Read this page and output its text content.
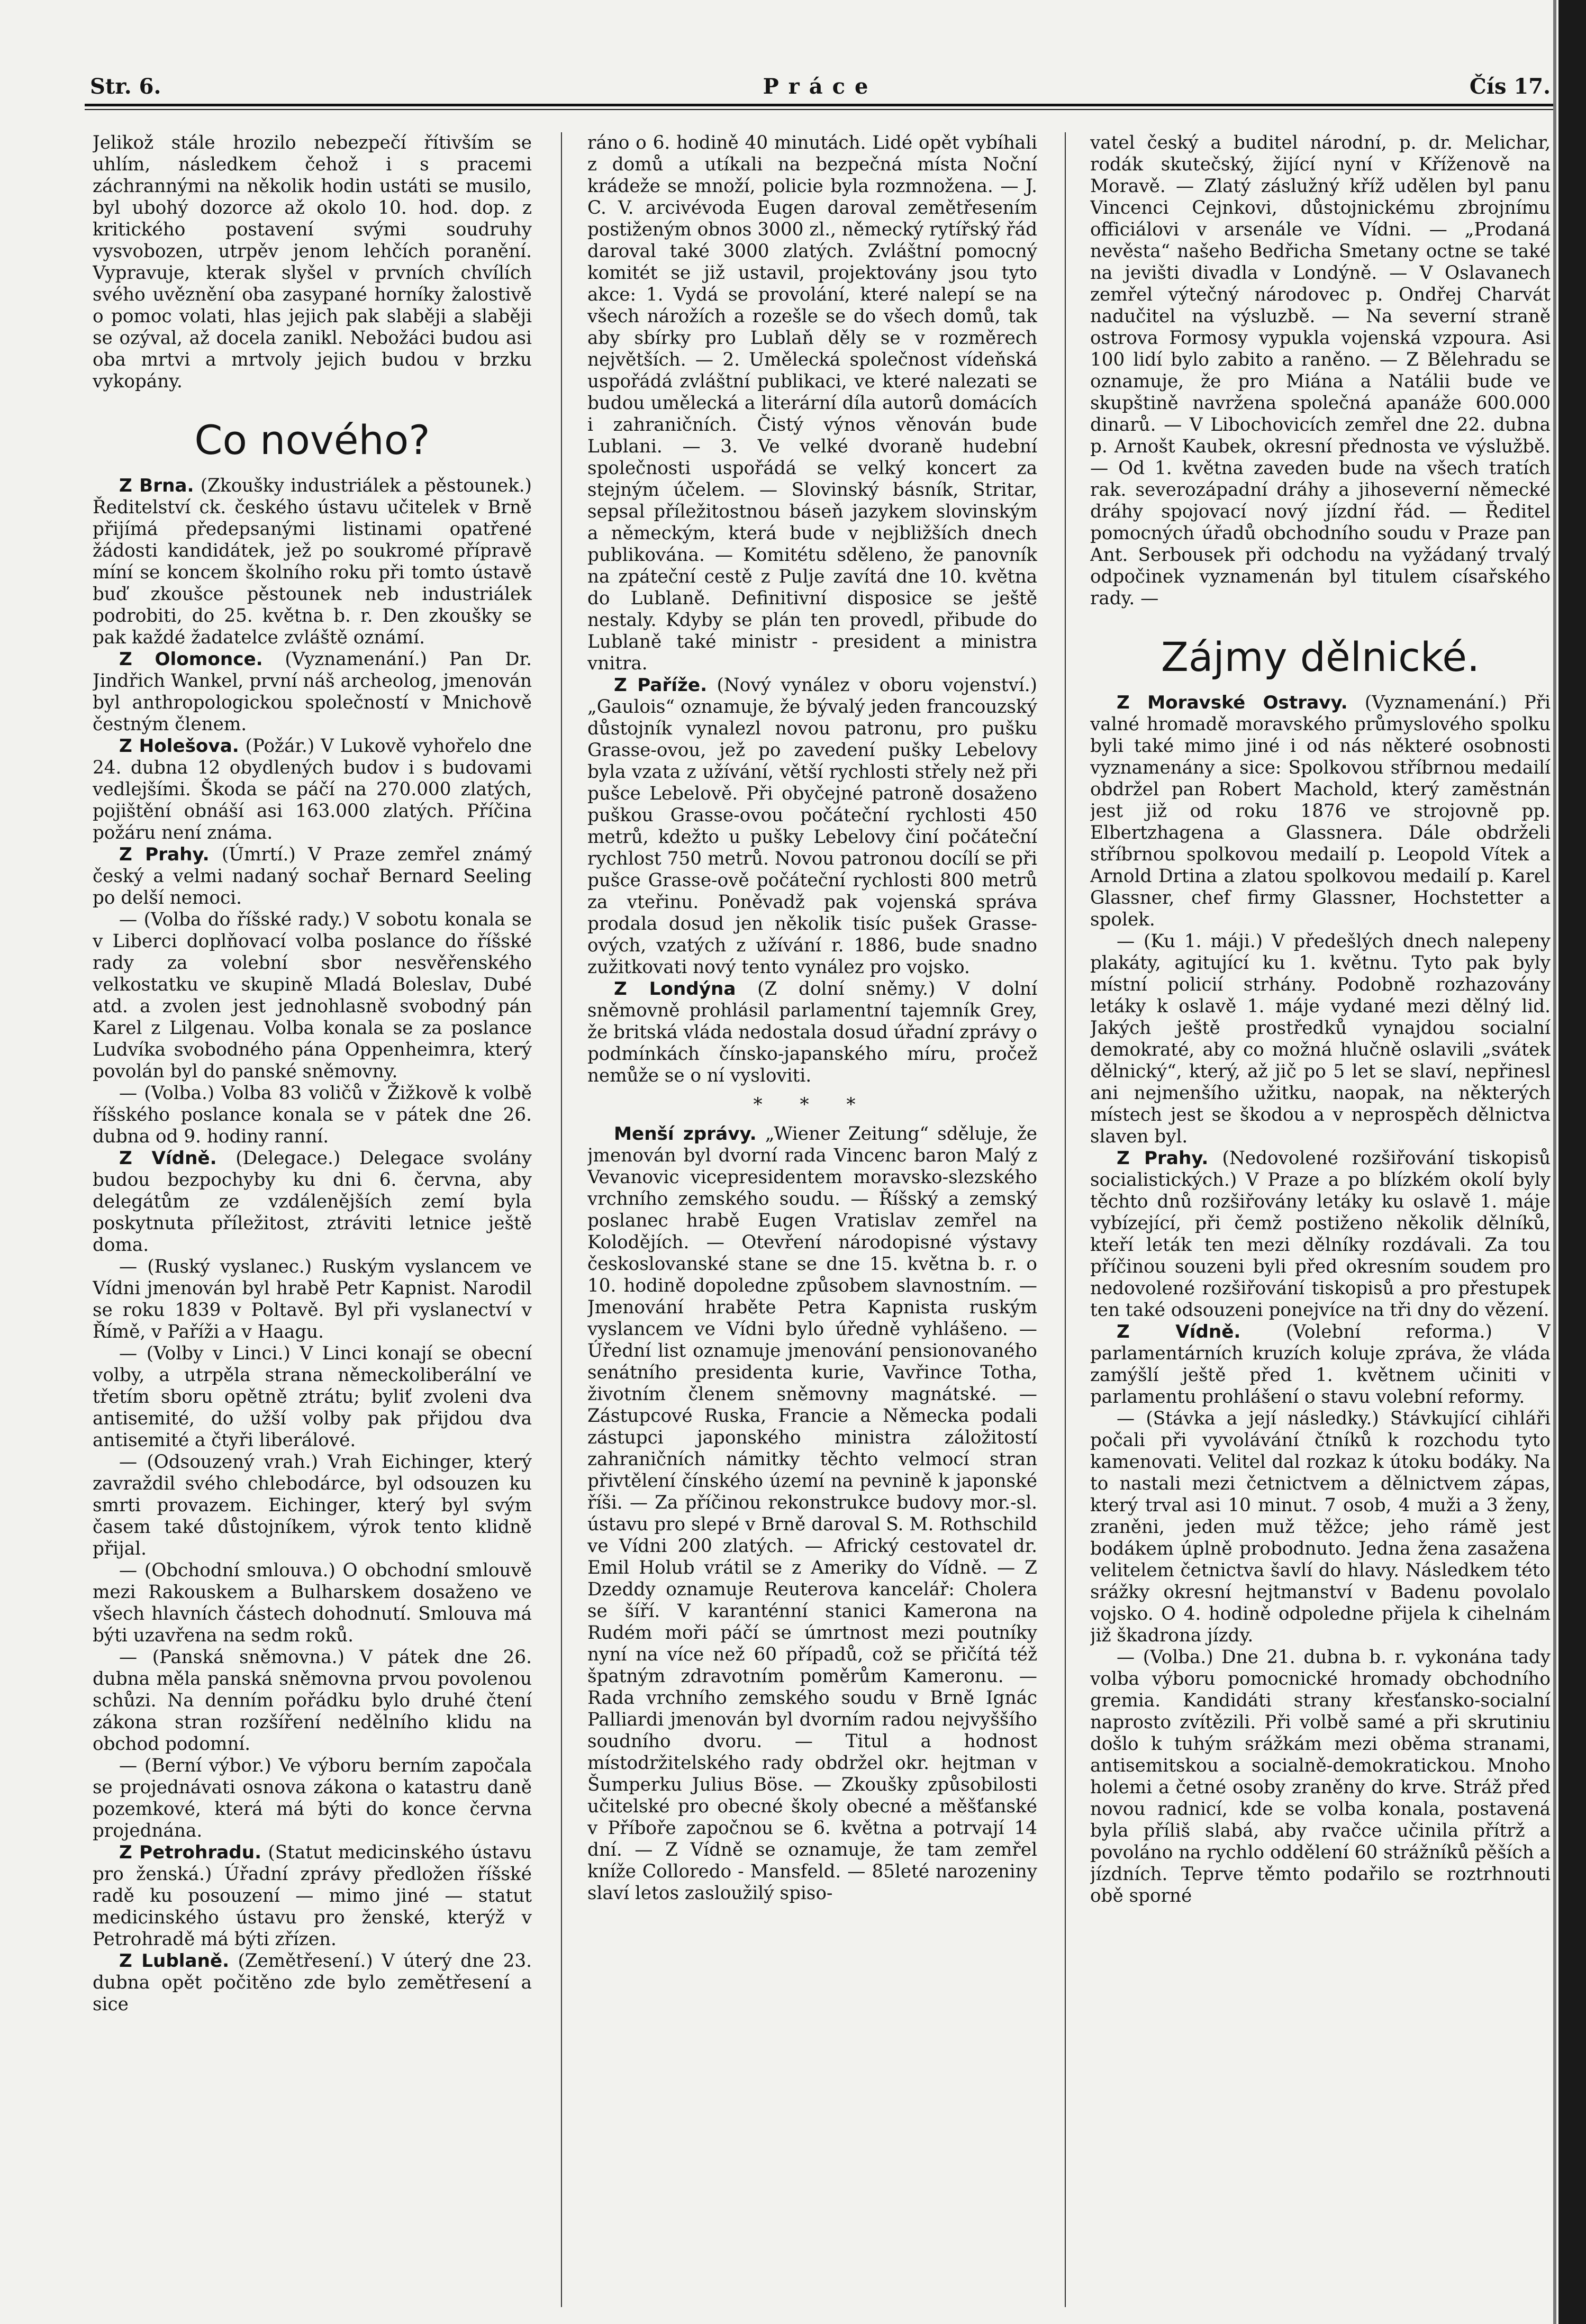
Str. 6.	Práce	Čís 17.

Jelikož stále hrozilo nebezpečí řítivším se uhlím, následkem čehož i s pracemi záchrannými na několik hodin ustáti se musilo, byl ubohý dozorce až okolo 10. hod. dop. z kritického postavení svými soudruhy vysvobozen, utrpěv jenom lehčích poranění. Vypravuje, kterak slyšel v prvních chvílích svého uvěznění oba zasypané horníky žalostivě o pomoc volati, hlas jejich pak slaběji a slaběji se ozýval, až docela zanikl. Nebožáci budou asi oba mrtvi a mrtvoly jejich budou v brzku vykopány.

Co nového?

Z Brna. (Zkoušky industriálek a pěstounek.) Ředitelství ck. českého ústavu učitelek v Brně přijímá předepsanými listinami opatřené žádosti kandidátek, jež po soukromé přípravě míní se koncem školního roku při tomto ústavě buď zkoušce pěstounek neb industriálek podrobiti, do 25. května b. r. Den zkoušky se pak každé žadatelce zvláště oznámí.

Z Olomonce. (Vyznamenání.) Pan Dr. Jindřich Wankel, první náš archeolog, jmenován byl anthropologickou společností v Mnichově čestným členem.

Z Holešova. (Požár.) V Lukově vyhořelo dne 24. dubna 12 obydlených budov i s budovami vedlejšími. Škoda se páčí na 270.000 zlatých, pojištění obnáší asi 163.000 zlatých. Příčina požáru není známa.

Z Prahy. (Úmrtí.) V Praze zemřel známý český a velmi nadaný sochař Bernard Seeling po delší nemoci.

— (Volba do říšské rady.) V sobotu konala se v Liberci doplňovací volba poslance do říšské rady za volební sbor nesvěřenského velkostatku ve skupině Mladá Boleslav, Dubé atd. a zvolen jest jednohlasně svobodný pán Karel z Lilgenau. Volba konala se za poslance Ludvíka svobodného pána Oppenheimra, který povolán byl do panské sněmovny.

— (Volba.) Volba 83 voličů v Žižkově k volbě říšského poslance konala se v pátek dne 26. dubna od 9. hodiny ranní.

Z Vídně. (Delegace.) Delegace svolány budou bezpochyby ku dni 6. června, aby delegátům ze vzdálenějších zemí byla poskytnuta příležitost, ztráviti letnice ještě doma.

— (Ruský vyslanec.) Ruským vyslancem ve Vídni jmenován byl hrabě Petr Kapnist. Narodil se roku 1839 v Poltavě. Byl při vyslanectví v Římě, v Paříži a v Haagu.

— (Volby v Linci.) V Linci konají se obecní volby, a utrpěla strana německoliberální ve třetím sboru opětně ztrátu; byliť zvoleni dva antisemité, do užší volby pak přijdou dva antisemité a čtyři liberálové.

— (Odsouzený vrah.) Vrah Eichinger, který zavraždil svého chlebodárce, byl odsouzen ku smrti provazem. Eichinger, který byl svým časem také důstojníkem, výrok tento klidně přijal.

— (Obchodní smlouva.) O obchodní smlouvě mezi Rakouskem a Bulharskem dosaženo ve všech hlavních částech dohodnutí. Smlouva má býti uzavřena na sedm roků.

— (Panská sněmovna.) V pátek dne 26. dubna měla panská sněmovna prvou povolenou schůzi. Na denním pořádku bylo druhé čtení zákona stran rozšíření nedělního klidu na obchod podomní.

— (Berní výbor.) Ve výboru berním započala se projednávati osnova zákona o katastru daně pozemkové, která má býti do konce června projednána.

Z Petrohradu. (Statut medicinského ústavu pro ženská.) Úřadní zprávy předložen říšské radě ku posouzení — mimo jiné — statut medicinského ústavu pro ženské, kterýž v Petrohradě má býti zřízen.

Z Lublaně. (Zemětřesení.) V úterý dne 23. dubna opět počitěno zde bylo zemětřesení a sice

ráno o 6. hodině 40 minutách. Lidé opět vybíhali z domů a utíkali na bezpečná místa Noční krádeže se množí, policie byla rozmnožena. — J. C. V. arcivévoda Eugen daroval zemětřesením postiženým obnos 3000 zl., německý rytířský řád daroval také 3000 zlatých. Zvláštní pomocný komitét se již ustavil, projektovány jsou tyto akce: 1. Vydá se provolání, které nalepí se na všech nárožích a rozešle se do všech domů, tak aby sbírky pro Lublaň děly se v rozměrech největších. — 2. Umělecká společnost vídeňská uspořádá zvláštní publikaci, ve které nalezati se budou umělecká a literární díla autorů domácích i zahraničních. Čistý výnos věnován bude Lublani. — 3. Ve velké dvoraně hudební společnosti uspořádá se velký koncert za stejným účelem. — Slovinský básník, Stritar, sepsal příležitostnou báseň jazykem slovinským a německým, která bude v nejbližších dnech publikována. — Komitétu sděleno, že panovník na zpáteční cestě z Pulje zavítá dne 10. května do Lublaně. Definitivní disposice se ještě nestaly. Kdyby se plán ten provedl, přibude do Lublaně také ministr - president a ministra vnitra.

Z Paříže. (Nový vynález v oboru vojenství.) „Gaulois“ oznamuje, že bývalý jeden francouzský důstojník vynalezl novou patronu, pro pušku Grasse-ovou, jež po zavedení pušky Lebelovy byla vzata z užívání, větší rychlosti střely než při pušce Lebelově. Při obyčejné patroně dosaženo puškou Grasse-ovou počáteční rychlosti 450 metrů, kdežto u pušky Lebelovy činí počáteční rychlost 750 metrů. Novou patronou docílí se při pušce Grasse-ově počáteční rychlosti 800 metrů za vteřinu. Poněvadž pak vojenská správa prodala dosud jen několik tisíc pušek Grasse-ových, vzatých z užívání r. 1886, bude snadno zužitkovati nový tento vynález pro vojsko.

Z Londýna (Z dolní sněmy.) V dolní sněmovně prohlásil parlamentní tajemník Grey, že britská vláda nedostala dosud úřadní zprávy o podmínkách čínsko-japanského míru, pročež nemůže se o ní vysloviti.

* * *

Menší zprávy. „Wiener Zeitung“ sděluje, že jmenován byl dvorní rada Vincenc baron Malý z Vevanovic vicepresidentem moravsko-slezského vrchního zemského soudu. — Říšský a zemský poslanec hrabě Eugen Vratislav zemřel na Kolodějích. — Otevření národopisné výstavy českoslovanské stane se dne 15. května b. r. o 10. hodině dopoledne způsobem slavnostním. — Jmenování hraběte Petra Kapnista ruským vyslancem ve Vídni bylo úředně vyhlášeno. — Úřední list oznamuje jmenování pensionovaného senátního presidenta kurie, Vavřince Totha, životním členem sněmovny magnátské. — Zástupcové Ruska, Francie a Německa podali zástupci japonského ministra záložitostí zahraničních námitky těchto velmocí stran přivtělení čínského území na pevnině k japonské říši. — Za příčinou rekonstrukce budovy mor.-sl. ústavu pro slepé v Brně daroval S. M. Rothschild ve Vídni 200 zlatých. — Africký cestovatel dr. Emil Holub vrátil se z Ameriky do Vídně. — Z Dzeddy oznamuje Reuterova kancelář: Cholera se šíří. V karanténní stanici Kamerona na Rudém moři páčí se úmrtnost mezi poutníky nyní na více než 60 případů, což se přičítá též špatným zdravotním poměrům Kameronu. — Rada vrchního zemského soudu v Brně Ignác Palliardi jmenován byl dvorním radou nejvyššího soudního dvoru. — Titul a hodnost místodržitelského rady obdržel okr. hejtman v Šumperku Julius Böse. — Zkoušky způsobilosti učitelské pro obecné školy obecné a měšťanské v Příboře započnou se 6. května a potrvají 14 dní. — Z Vídně se oznamuje, že tam zemřel kníže Colloredo - Mansfeld. — 85leté narozeniny slaví letos zasloužilý spiso-

vatel český a buditel národní, p. dr. Melichar, rodák skutečský, žijící nyní v Kříženově na Moravě. — Zlatý záslužný kříž udělen byl panu Vincenci Cejnkovi, důstojnickému zbrojnímu officiálovi v arsenále ve Vídni. — „Prodaná nevěsta“ našeho Bedřicha Smetany octne se také na jevišti divadla v Londýně. — V Oslavanech zemřel výtečný národovec p. Ondřej Charvát nadučitel na výsluzbě. — Na severní straně ostrova Formosy vypukla vojenská vzpoura. Asi 100 lidí bylo zabito a raněno. — Z Bělehradu se oznamuje, že pro Miána a Natálii bude ve skupštině navržena společná apanáže 600.000 dinarů. — V Libochovicích zemřel dne 22. dubna p. Arnošt Kaubek, okresní přednosta ve výslužbě. — Od 1. května zaveden bude na všech tratích rak. severozápadní dráhy a jihoseverní německé dráhy spojovací nový jízdní řád. — Ředitel pomocných úřadů obchodního soudu v Praze pan Ant. Serbousek při odchodu na vyžádaný trvalý odpočinek vyznamenán byl titulem císařského rady. —

Zájmy dělnické.

Z Moravské Ostravy. (Vyznamenání.) Při valné hromadě moravského průmyslového spolku byli také mimo jiné i od nás některé osobnosti vyznamenány a sice: Spolkovou stříbrnou medailí obdržel pan Robert Machold, který zaměstnán jest již od roku 1876 ve strojovně pp. Elbertzhagena a Glassnera. Dále obdrželi stříbrnou spolkovou medailí p. Leopold Vítek a Arnold Drtina a zlatou spolkovou medailí p. Karel Glassner, chef firmy Glassner, Hochstetter a spolek.

— (Ku 1. máji.) V předešlých dnech nalepeny plakáty, agitující ku 1. květnu. Tyto pak byly místní policií strhány. Podobně rozhazovány letáky k oslavě 1. máje vydané mezi dělný lid. Jakých ještě prostředků vynajdou socialní demokraté, aby co možná hlučně oslavili „svátek dělnický“, který, až jič po 5 let se slaví, nepřinesl ani nejmenšího užitku, naopak, na některých místech jest se škodou a v neprospěch dělnictva slaven byl.

Z Prahy. (Nedovolené rozšiřování tiskopisů socialistických.) V Praze a po blízkém okolí byly těchto dnů rozšiřovány letáky ku oslavě 1. máje vybízející, při čemž postiženo několik dělníků, kteří leták ten mezi dělníky rozdávali. Za tou příčinou souzeni byli před okresním soudem pro nedovolené rozšiřování tiskopisů a pro přestupek ten také odsouzeni ponejvíce na tři dny do vězení.

Z Vídně. (Volební reforma.) V parlamentárních kruzích koluje zpráva, že vláda zamýšlí ještě před 1. květnem učiniti v parlamentu prohlášení o stavu volební reformy.

— (Stávka a její následky.) Stávkující cihláři počali při vyvolávání čtníků k rozchodu tyto kamenovati. Velitel dal rozkaz k útoku bodáky. Na to nastali mezi četnictvem a dělnictvem zápas, který trval asi 10 minut. 7 osob, 4 muži a 3 ženy, zraněni, jeden muž těžce; jeho rámě jest bodákem úplně probodnuto. Jedna žena zasažena velitelem četnictva šavlí do hlavy. Následkem této srážky okresní hejtmanství v Badenu povolalo vojsko. O 4. hodině odpoledne přijela k cihelnám již škadrona jízdy.

— (Volba.) Dne 21. dubna b. r. vykonána tady volba výboru pomocnické hromady obchodního gremia. Kandidáti strany křesťansko-socialní naprosto zvítězili. Při volbě samé a při skrutiniu došlo k tuhým srážkám mezi oběma stranami, antisemitskou a socialně-demokratickou. Mnoho holemi a četné osoby zraněny do krve. Stráž před novou radnicí, kde se volba konala, postavená byla příliš slabá, aby rvačce učinila přítrž a povoláno na rychlo oddělení 60 strážníků pěších a jízdních. Teprve těmto podařilo se roztrhnouti obě sporné
